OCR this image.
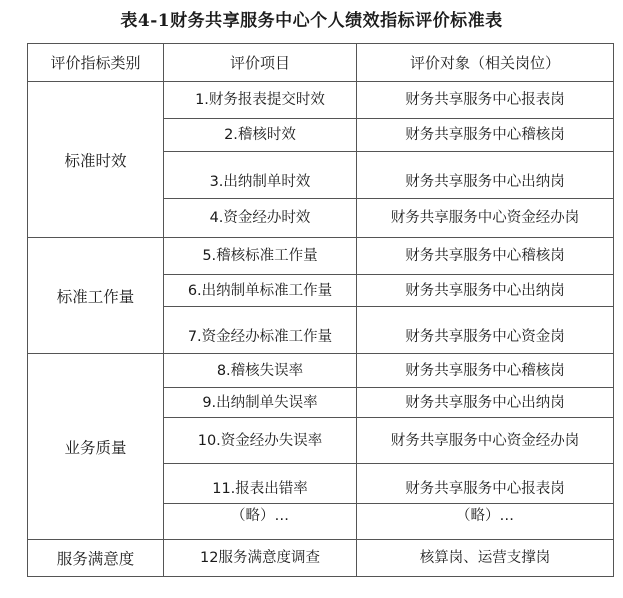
表4-1财务共享服务中心个人绩效指标评价标准表
评价指标类别	评价项目	评价对象（相关岗位）
标准时效	1.财务报表提交时效	财务共享服务中心报表岗
	2.稽核时效	财务共享服务中心稽核岗
	3.出纳制单时效	财务共享服务中心出纳岗
	4.资金经办时效	财务共享服务中心资金经办岗
标准工作量	5.稽核标准工作量	财务共享服务中心稽核岗
	6.出纳制单标准工作量	财务共享服务中心出纳岗
	7.资金经办标准工作量	财务共享服务中心资金岗
业务质量	8.稽核失误率	财务共享服务中心稽核岗
	9.出纳制单失误率	财务共享服务中心出纳岗
	10.资金经办失误率	财务共享服务中心资金经办岗
	11.报表出错率	财务共享服务中心报表岗
	（略）…	（略）…
服务满意度	12服务满意度调查	核算岗、运营支撑岗
